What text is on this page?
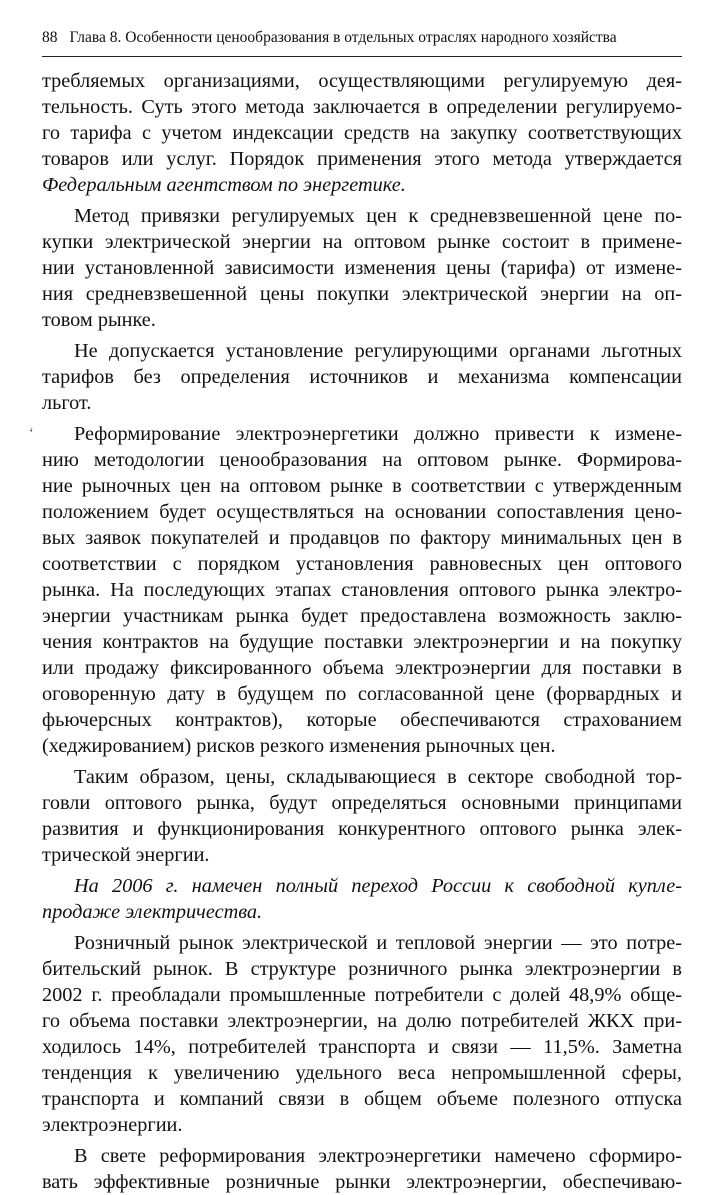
88 Глава 8. Особенности ценообразования в отдельных отраслях народного хозяйства
‘
требляемых организациями, осуществляющими регулируемую дея-
тельность. Суть этого метода заключается в определении регулируемо-
го тарифа с учетом индексации средств на закупку соответствующих
товаров или услуг. Порядок применения этого метода утверждается
Федеральным агентством по энергетике.
Метод привязки регулируемых цен к средневзвешенной цене по-
купки электрической энергии на оптовом рынке состоит в примене-
нии установленной зависимости изменения цены (тарифа) от измене-
ния средневзвешенной цены покупки электрической энергии на оп-
товом рынке.
Не допускается установление регулирующими органами льготных
тарифов без определения источников и механизма компенсации
льгот.
Реформирование электроэнергетики должно привести к измене-
нию методологии ценообразования на оптовом рынке. Формирова-
ние рыночных цен на оптовом рынке в соответствии с утвержденным
положением будет осуществляться на основании сопоставления цено-
вых заявок покупателей и продавцов по фактору минимальных цен в
соответствии с порядком установления равновесных цен оптового
рынка. На последующих этапах становления оптового рынка электро-
энергии участникам рынка будет предоставлена возможность заклю-
чения контрактов на будущие поставки электроэнергии и на покупку
или продажу фиксированного объема электроэнергии для поставки в
оговоренную дату в будущем по согласованной цене (форвардных и
фьючерсных контрактов), которые обеспечиваются страхованием
(хеджированием) рисков резкого изменения рыночных цен.
Таким образом, цены, складывающиеся в секторе свободной тор-
говли оптового рынка, будут определяться основными принципами
развития и функционирования конкурентного оптового рынка элек-
трической энергии.
На 2006 г. намечен полный переход России к свободной купле-
продаже электричества.
Розничный рынок электрической и тепловой энергии — это потре-
бительский рынок. В структуре розничного рынка электроэнергии в
2002 г. преобладали промышленные потребители с долей 48,9% обще-
го объема поставки электроэнергии, на долю потребителей ЖКХ при-
ходилось 14%, потребителей транспорта и связи — 11,5%. Заметна
тенденция к увеличению удельного веса непромышленной сферы,
транспорта и компаний связи в общем объеме полезного отпуска
электроэнергии.
В свете реформирования электроэнергетики намечено сформиро-
вать эффективные розничные рынки электроэнергии, обеспечиваю-
